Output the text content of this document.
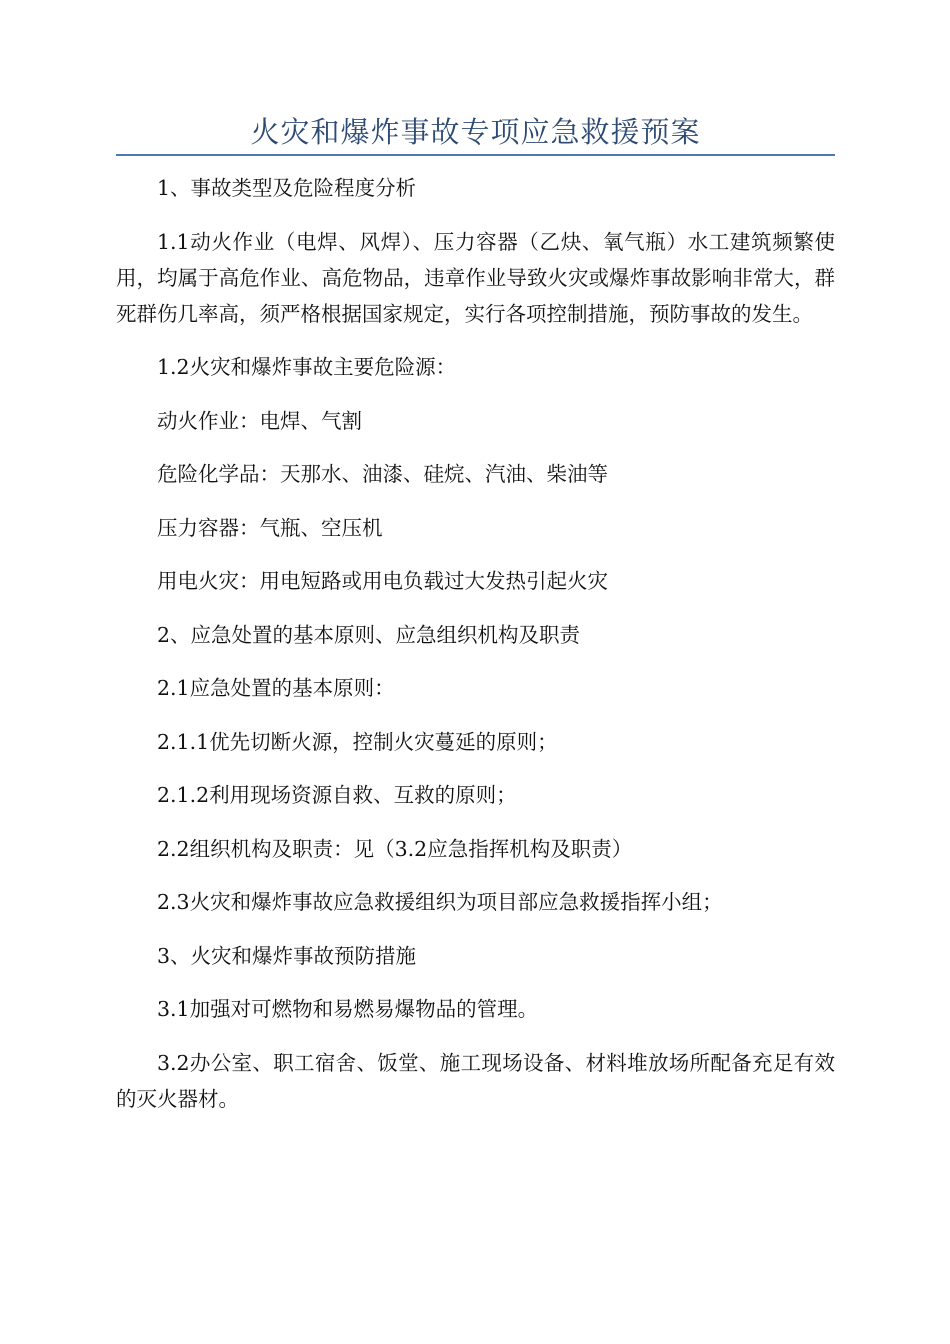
火灾和爆炸事故专项应急救援预案

1、事故类型及危险程度分析

1.1动火作业（电焊、风焊）、压力容器（乙炔、氧气瓶）水工建筑频繁使用，均属于高危作业、高危物品，违章作业导致火灾或爆炸事故影响非常大，群死群伤几率高，须严格根据国家规定，实行各项控制措施，预防事故的发生。

1.2火灾和爆炸事故主要危险源：

动火作业：电焊、气割

危险化学品：天那水、油漆、硅烷、汽油、柴油等

压力容器：气瓶、空压机

用电火灾：用电短路或用电负载过大发热引起火灾

2、应急处置的基本原则、应急组织机构及职责

2.1应急处置的基本原则：

2.1.1优先切断火源，控制火灾蔓延的原则；

2.1.2利用现场资源自救、互救的原则；

2.2组织机构及职责：见（3.2应急指挥机构及职责）

2.3火灾和爆炸事故应急救援组织为项目部应急救援指挥小组；

3、火灾和爆炸事故预防措施

3.1加强对可燃物和易燃易爆物品的管理。

3.2办公室、职工宿舍、饭堂、施工现场设备、材料堆放场所配备充足有效的灭火器材。
